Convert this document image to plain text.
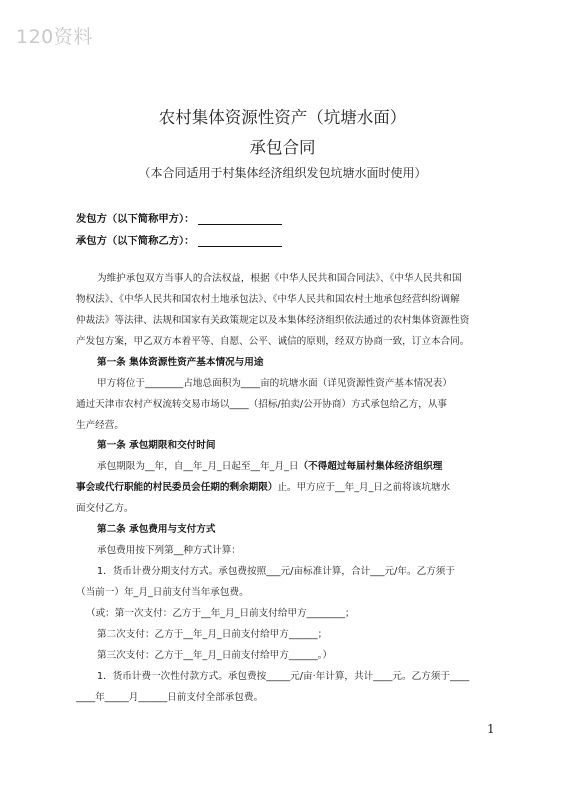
120资料
农村集体资源性资产（坑塘水面）
承包合同
（本合同适用于村集体经济组织发包坑塘水面时使用）
发包方（以下简称甲方）：
承包方（以下简称乙方）：
为维护承包双方当事人的合法权益，根据《中华人民共和国合同法》、《中华人民共和国
物权法》、《中华人民共和国农村土地承包法》、《中华人民共和国农村土地承包经营纠纷调解
仲裁法》等法律、法规和国家有关政策规定以及本集体经济组织依法通过的农村集体资源性资
产发包方案，甲乙双方本着平等、自愿、公平、诚信的原则，经双方协商一致，订立本合同。
第一条 集体资源性资产基本情况与用途
甲方将位于________占地总面积为____亩的坑塘水面（详见资源性资产基本情况表）
通过天津市农村产权流转交易市场以____（招标/拍卖/公开协商）方式承包给乙方，从事
生产经营。
第一条 承包期限和交付时间
承包期限为__年，自__年_月_日起至__年_月_日（不得超过每届村集体经济组织理
事会或代行职能的村民委员会任期的剩余期限）止。甲方应于__年_月_日之前将该坑塘水
面交付乙方。
第二条 承包费用与支付方式
承包费用按下列第__种方式计算：
1．货币计费分期支付方式。承包费按照___元/亩标准计算，合计___元/年。乙方须于
（当前一）年_月_日前支付当年承包费。
（或：第一次支付：乙方于__年_月_日前支付给甲方________；
第二次支付：乙方于__年_月_日前支付给甲方______；
第三次支付：乙方于__年_月_日前支付给甲方______。）
1．货币计费一次性付款方式。承包费按_____元/亩·年计算，共计____元。乙方须于____
____年_____月______日前支付全部承包费。
1
